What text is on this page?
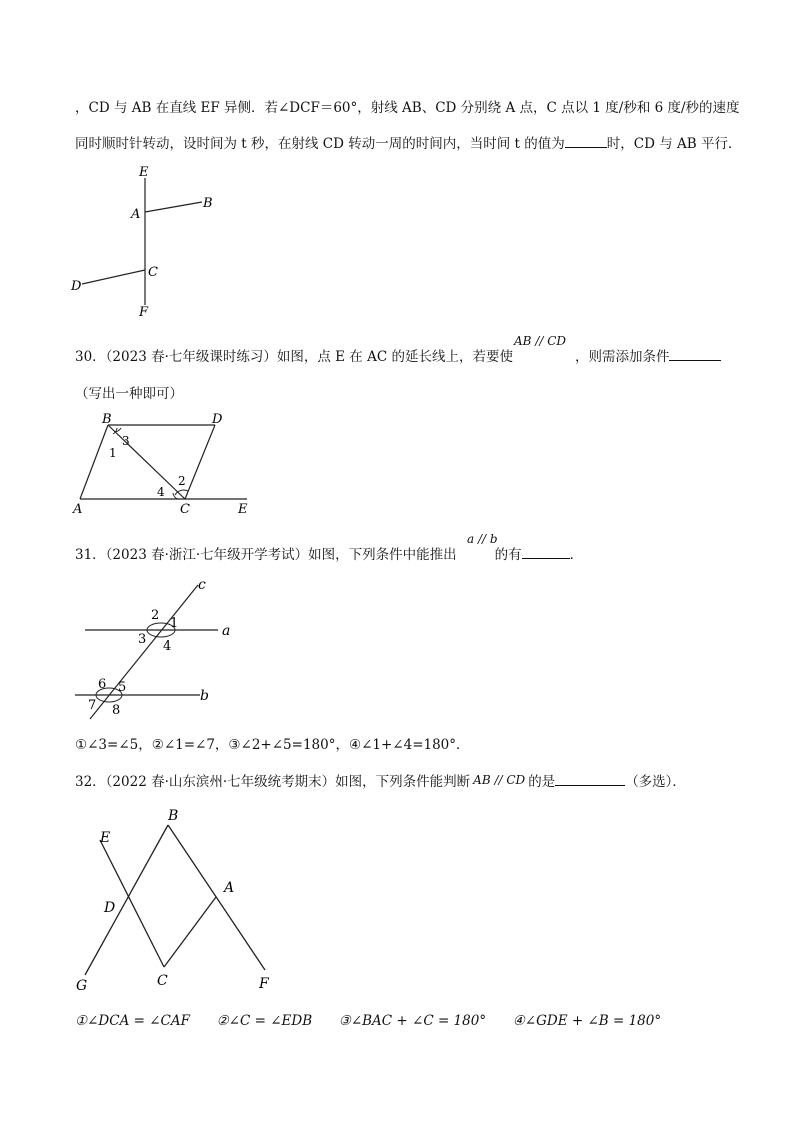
，CD 与 AB 在直线 EF 异侧．若∠DCF＝60°，射线 AB、CD 分别绕 A 点，C 点以 1 度/秒和 6 度/秒的速度
同时顺时针转动，设时间为 t 秒，在射线 CD 转动一周的时间内，当时间 t 的值为	时，CD 与 AB 平行．
E
A
B
C
D
F
30．（2023 春·七年级课时练习）如图，点 E 在 AC 的延长线上，若要使	，则需添加条件
AB // CD
（写出一种即可）
B	D
A	C	E
1
2
3
4
31．（2023 春·浙江·七年级开学考试）如图，下列条件中能推出	的有	．
a // b
c
a
b
2
1
3 4
6 5
7 8
①∠3=∠5，②∠1=∠7，③∠2+∠5=180°，④∠1+∠4=180°．
32．（2022 春·山东滨州·七年级统考期末）如图，下列条件能判断 AB // CD 的是	（多选）．
B
E
D
A
G	C	F
①∠DCA = ∠CAF ②∠C = ∠EDB ③∠BAC + ∠C = 180° ④∠GDE + ∠B = 180°
